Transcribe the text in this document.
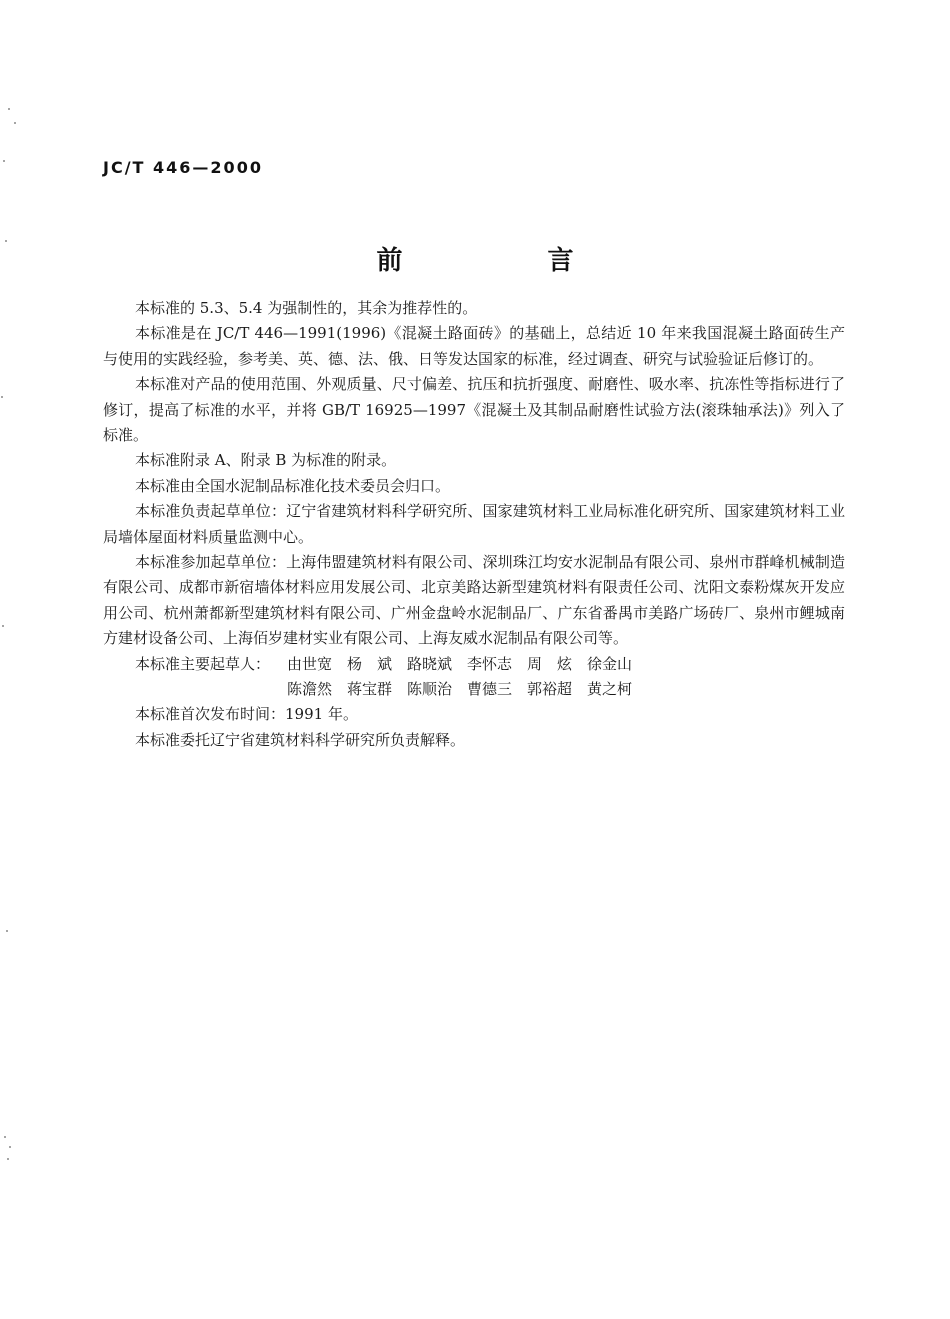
JC/T 446—2000
前 言

本标准的 5.3、5.4 为强制性的，其余为推荐性的。

本标准是在 JC/T 446—1991(1996)《混凝土路面砖》的基础上，总结近 10 年来我国混凝土路面砖生产与使用的实践经验，参考美、英、德、法、俄、日等发达国家的标准，经过调查、研究与试验验证后修订的。

本标准对产品的使用范围、外观质量、尺寸偏差、抗压和抗折强度、耐磨性、吸水率、抗冻性等指标进行了修订，提高了标准的水平，并将 GB/T 16925—1997《混凝土及其制品耐磨性试验方法(滚珠轴承法)》列入了标准。

本标准附录 A、附录 B 为标准的附录。

本标准由全国水泥制品标准化技术委员会归口。

本标准负责起草单位：辽宁省建筑材料科学研究所、国家建筑材料工业局标准化研究所、国家建筑材料工业局墙体屋面材料质量监测中心。

本标准参加起草单位：上海伟盟建筑材料有限公司、深圳珠江均安水泥制品有限公司、泉州市群峰机械制造有限公司、成都市新宿墙体材料应用发展公司、北京美路达新型建筑材料有限责任公司、沈阳文泰粉煤灰开发应用公司、杭州萧都新型建筑材料有限公司、广州金盘岭水泥制品厂、广东省番禺市美路广场砖厂、泉州市鲤城南方建材设备公司、上海佰岁建材实业有限公司、上海友威水泥制品有限公司等。

本标准主要起草人： 由世宽　杨　斌　路晓斌　李怀志　周　炫　徐金山
陈澹然　蒋宝群　陈顺治　曹德三　郭裕超　黄之柯

本标准首次发布时间：1991 年。

本标准委托辽宁省建筑材料科学研究所负责解释。
